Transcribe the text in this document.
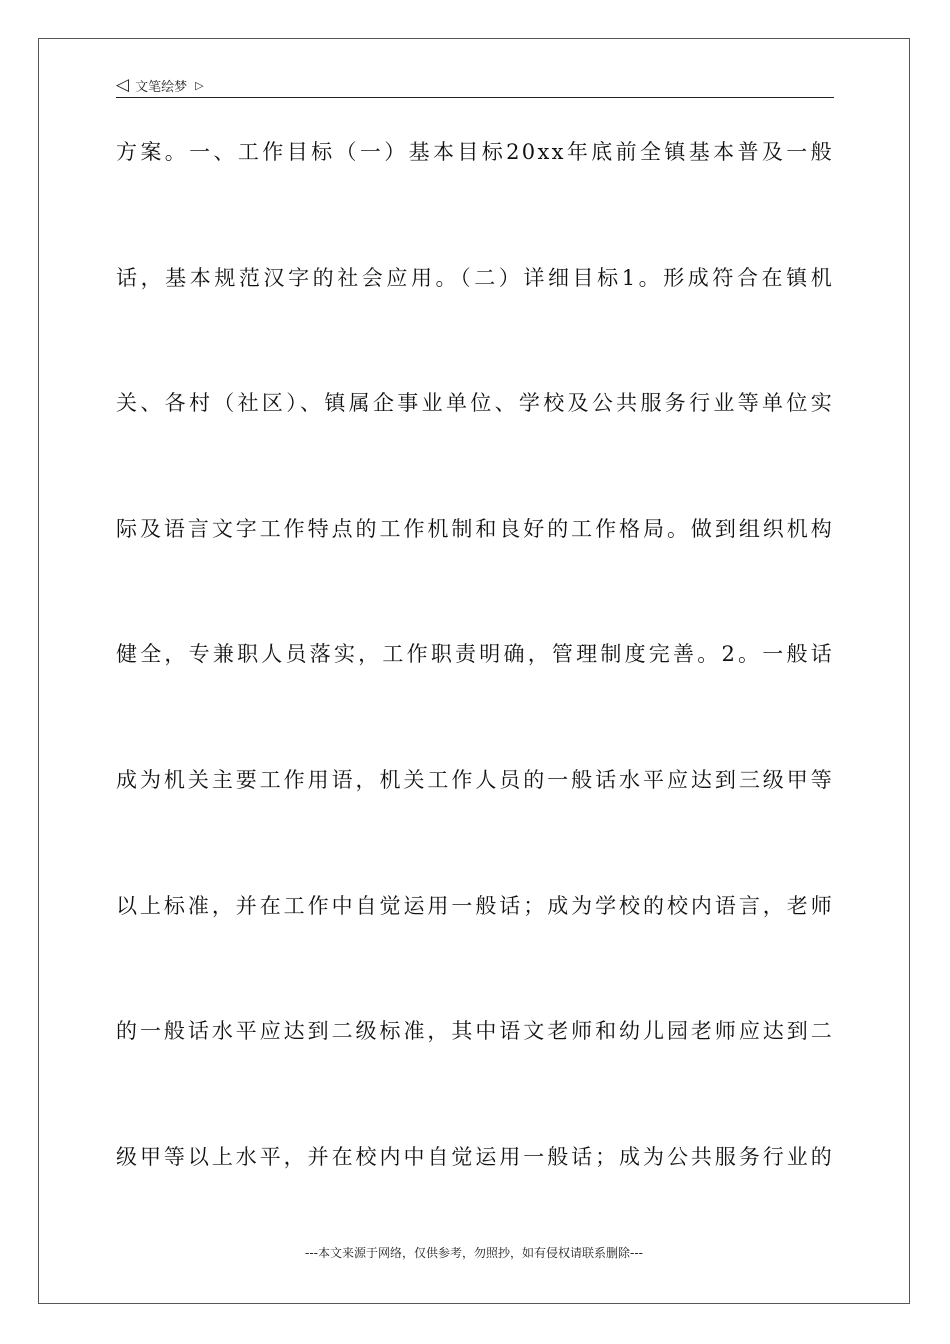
◁ 文笔绘梦 ▷
方案。一、工作目标（一）基本目标20xx年底前全镇基本普及一般
话，基本规范汉字的社会应用。（二）详细目标1。形成符合在镇机
关、各村（社区）、镇属企事业单位、学校及公共服务行业等单位实
际及语言文字工作特点的工作机制和良好的工作格局。做到组织机构
健全，专兼职人员落实，工作职责明确，管理制度完善。2。一般话
成为机关主要工作用语，机关工作人员的一般话水平应达到三级甲等
以上标准，并在工作中自觉运用一般话；成为学校的校内语言，老师
的一般话水平应达到二级标准，其中语文老师和幼儿园老师应达到二
级甲等以上水平，并在校内中自觉运用一般话；成为公共服务行业的
---本文来源于网络，仅供参考，勿照抄，如有侵权请联系删除---
